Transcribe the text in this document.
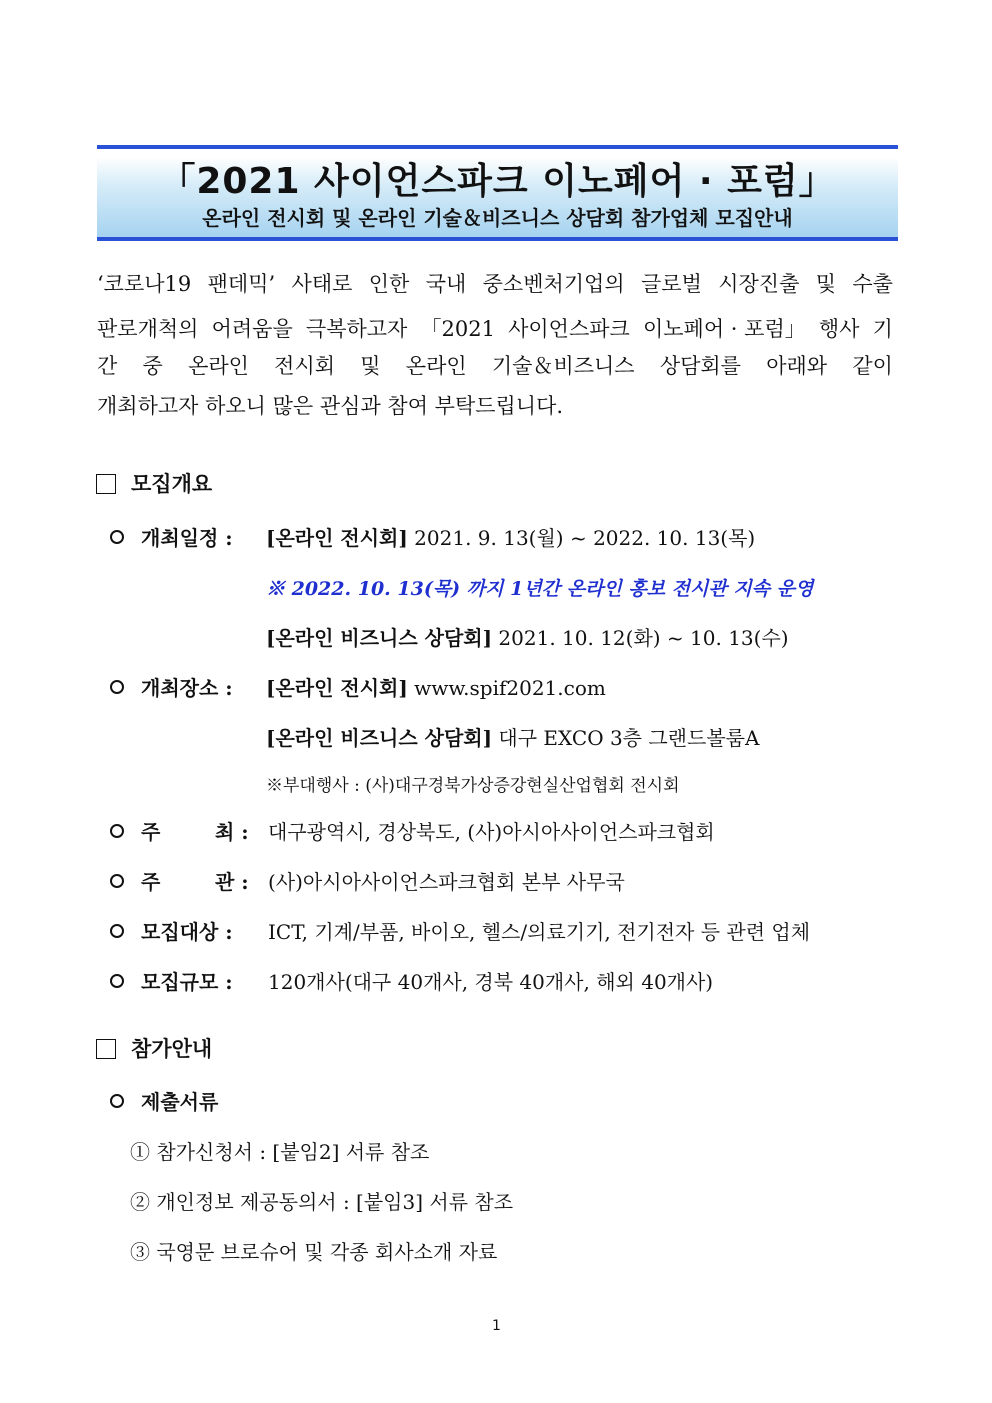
「2021 사이언스파크 이노페어 · 포럼」
온라인 전시회 및 온라인 기술＆비즈니스 상담회 참가업체 모집안내
‘코로나19 팬데믹’ 사태로 인한 국내 중소벤처기업의 글로벌 시장진출 및 수출
판로개척의 어려움을 극복하고자 「2021 사이언스파크 이노페어 · 포럼」 행사 기
간 중 온라인 전시회 및 온라인 기술＆비즈니스 상담회를 아래와 같이
개최하고자 하오니 많은 관심과 참여 부탁드립니다.
모집개요
개최일정 : [온라인 전시회] 2021. 9. 13(월) ~ 2022. 10. 13(목)
※ 2022. 10. 13(목) 까지 1년간 온라인 홍보 전시관 지속 운영
[온라인 비즈니스 상담회] 2021. 10. 12(화) ~ 10. 13(수)
개최장소 : [온라인 전시회] www.spif2021.com
[온라인 비즈니스 상담회] 대구 EXCO 3층 그랜드볼룸A
※부대행사 : (사)대구경북가상증강현실산업협회 전시회
주	최 : 대구광역시, 경상북도, (사)아시아사이언스파크협회
주	관 : (사)아시아사이언스파크협회 본부 사무국
모집대상 : ICT, 기계/부품, 바이오, 헬스/의료기기, 전기전자 등 관련 업체
모집규모 : 120개사(대구 40개사, 경북 40개사, 해외 40개사)
참가안내
제출서류
① 참가신청서 : [붙임2] 서류 참조
② 개인정보 제공동의서 : [붙임3] 서류 참조
③ 국영문 브로슈어 및 각종 회사소개 자료
1
